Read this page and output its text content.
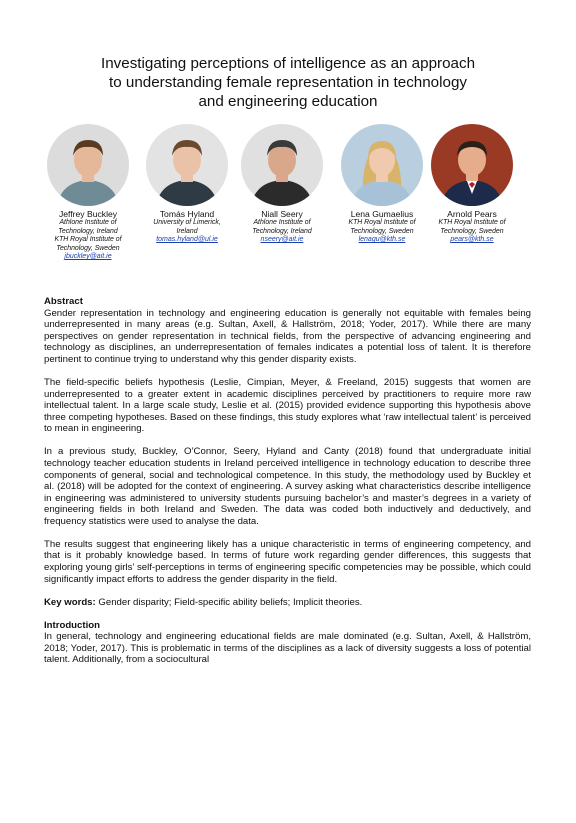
Investigating perceptions of intelligence as an approach
to understanding female representation in technology
and engineering education
Jeffrey Buckley
Athlone Institute of
Technology, Ireland
KTH Royal Institute of
Technology, Sweden
jbuckley@ait.ie
Tomás Hyland
University of Limerick,
Ireland
tomas.hyland@ul.ie
Niall Seery
Athlone Institute of
Technology, Ireland
nseery@ait.ie
Lena Gumaelius
KTH Royal Institute of
Technology, Sweden
lenagu@kth.se
Arnold Pears
KTH Royal Institute of
Technology, Sweden
pears@kth.se
Abstract

Gender representation in technology and engineering education is generally not equitable with females being underrepresented in many areas (e.g. Sultan, Axell, & Hallström, 2018; Yoder, 2017). While there are many perspectives on gender representation in technical fields, from the perspective of advancing engineering and technology as disciplines, an underrepresentation of females indicates a potential loss of talent. It is therefore pertinent to continue trying to understand why this gender disparity exists.

The field-specific beliefs hypothesis (Leslie, Cimpian, Meyer, & Freeland, 2015) suggests that women are underrepresented to a greater extent in academic disciplines perceived by practitioners to require more raw intellectual talent. In a large scale study, Leslie et al. (2015) provided evidence supporting this hypothesis above three competing hypotheses. Based on these findings, this study explores what ‘raw intellectual talent’ is perceived to mean in engineering.

In a previous study, Buckley, O’Connor, Seery, Hyland and Canty (2018) found that undergraduate initial technology teacher education students in Ireland perceived intelligence in technology education to describe three components of general, social and technological competence. In this study, the methodology used by Buckley et al. (2018) will be adopted for the context of engineering. A survey asking what characteristics describe intelligence in engineering was administered to university students pursuing bachelor’s and master’s degrees in a variety of engineering fields in both Ireland and Sweden. The data was coded both inductively and deductively, and frequency statistics were used to analyse the data.

The results suggest that engineering likely has a unique characteristic in terms of engineering competency, and that is it probably knowledge based. In terms of future work regarding gender differences, this suggests that exploring young girls’ self-perceptions in terms of engineering specific competencies may be possible, which could significantly impact efforts to address the gender disparity in the field.

Key words: Gender disparity; Field-specific ability beliefs; Implicit theories.

Introduction

In general, technology and engineering educational fields are male dominated (e.g. Sultan, Axell, & Hallström, 2018; Yoder, 2017). This is problematic in terms of the disciplines as a lack of diversity suggests a loss of potential talent. Additionally, from a sociocultural
